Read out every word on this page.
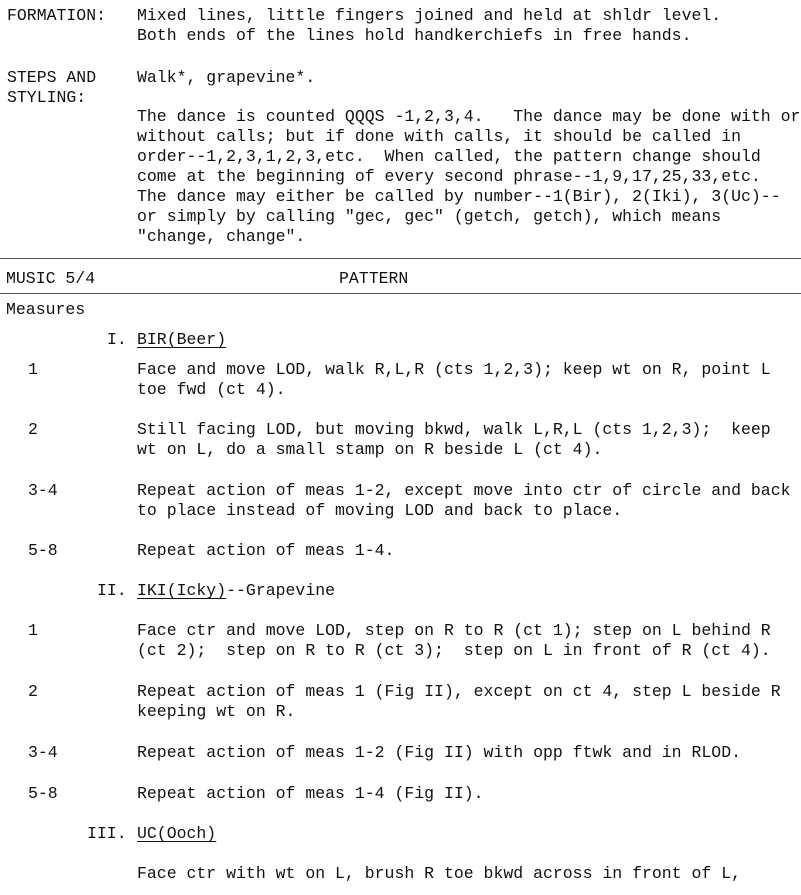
FORMATION: Mixed lines, little fingers joined and held at shldr level.
Both ends of the lines hold handkerchiefs in free hands.
STEPS AND
STYLING:
Walk*, grapevine*.
The dance is counted QQQS -1,2,3,4.   The dance may be done with or
without calls; but if done with calls, it should be called in
order--1,2,3,1,2,3,etc.  When called, the pattern change should
come at the beginning of every second phrase--1,9,17,25,33,etc.
The dance may either be called by number--1(Bir), 2(Iki), 3(Uc)--
or simply by calling "gec, gec" (getch, getch), which means
"change, change".
MUSIC 5/4	PATTERN
Measures
I. BIR(Beer)
1	Face and move LOD, walk R,L,R (cts 1,2,3); keep wt on R, point L
toe fwd (ct 4).
2	Still facing LOD, but moving bkwd, walk L,R,L (cts 1,2,3);  keep
wt on L, do a small stamp on R beside L (ct 4).
3-4	Repeat action of meas 1-2, except move into ctr of circle and back
to place instead of moving LOD and back to place.
5-8	Repeat action of meas 1-4.
II. IKI(Icky)--Grapevine
1	Face ctr and move LOD, step on R to R (ct 1); step on L behind R
(ct 2);  step on R to R (ct 3);  step on L in front of R (ct 4).
2	Repeat action of meas 1 (Fig II), except on ct 4, step L beside R
keeping wt on R.
3-4	Repeat action of meas 1-2 (Fig II) with opp ftwk and in RLOD.
5-8	Repeat action of meas 1-4 (Fig II).
III. UC(Ooch)
Face ctr with wt on L, brush R toe bkwd across in front of L,
